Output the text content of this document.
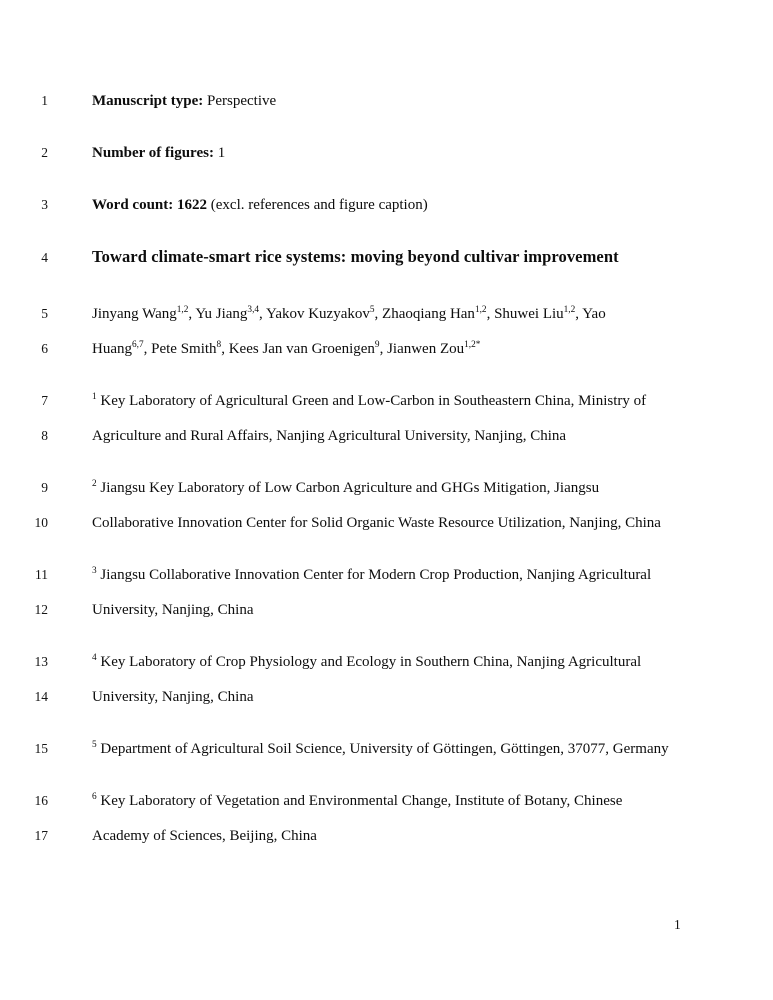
1	Manuscript type: Perspective
2	Number of figures: 1
3	Word count: 1622 (excl. references and figure caption)
4	Toward climate-smart rice systems: moving beyond cultivar improvement
5	Jinyang Wang$^{1,2}$, Yu Jiang$^{3,4}$, Yakov Kuzyakov$^5$, Zhaoqiang Han$^{1,2}$, Shuwei Liu$^{1,2}$, Yao
6	Huang$^{6,7}$, Pete Smith$^8$, Kees Jan van Groenigen$^9$, Jianwen Zou$^{1,2*}$
7	$^1$ Key Laboratory of Agricultural Green and Low-Carbon in Southeastern China, Ministry of
8	Agriculture and Rural Affairs, Nanjing Agricultural University, Nanjing, China
9	$^2$ Jiangsu Key Laboratory of Low Carbon Agriculture and GHGs Mitigation, Jiangsu
10	Collaborative Innovation Center for Solid Organic Waste Resource Utilization, Nanjing, China
11	$^3$ Jiangsu Collaborative Innovation Center for Modern Crop Production, Nanjing Agricultural
12	University, Nanjing, China
13	$^4$ Key Laboratory of Crop Physiology and Ecology in Southern China, Nanjing Agricultural
14	University, Nanjing, China
15	$^5$ Department of Agricultural Soil Science, University of Göttingen, Göttingen, 37077, Germany
16	$^6$ Key Laboratory of Vegetation and Environmental Change, Institute of Botany, Chinese
17	Academy of Sciences, Beijing, China
1
